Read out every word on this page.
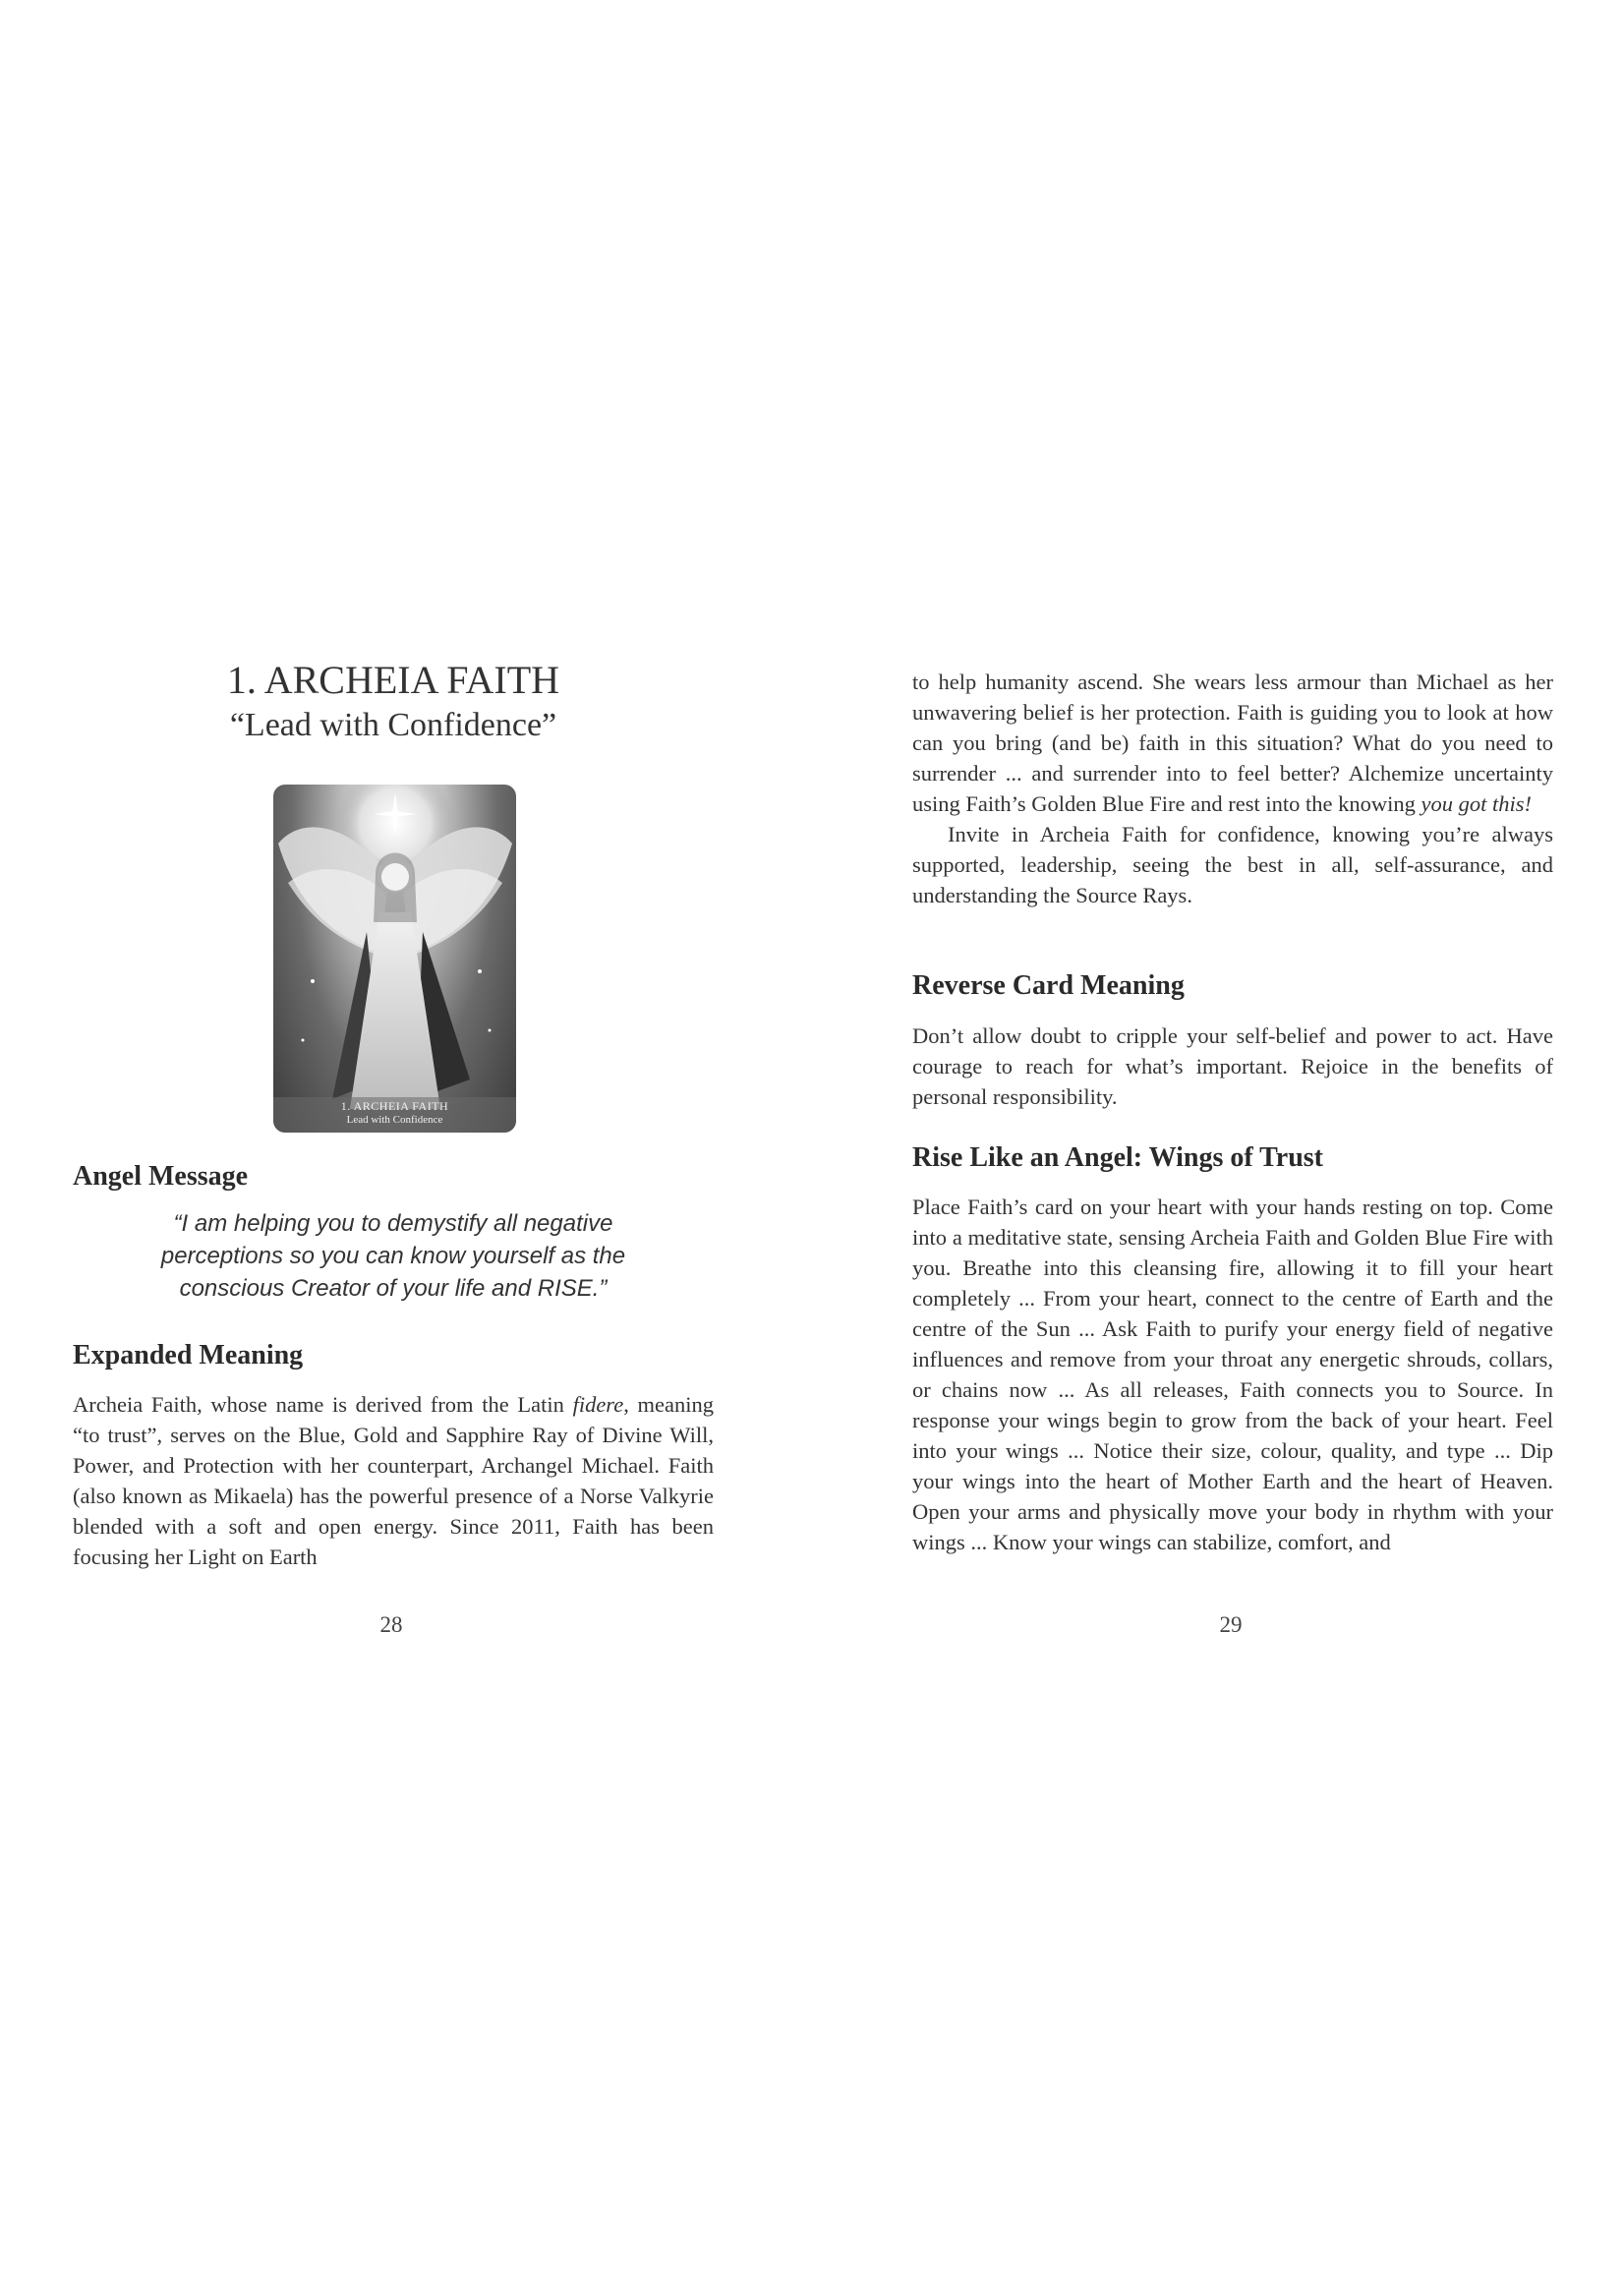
1. ARCHEIA FAITH
“Lead with Confidence”
1. ARCHEIA FAITH
Lead with Confidence
Angel Message

“I am helping you to demystify all negative perceptions so you can know yourself as the conscious Creator of your life and RISE.”

Expanded Meaning

Archeia Faith, whose name is derived from the Latin fidere, meaning “to trust”, serves on the Blue, Gold and Sapphire Ray of Divine Will, Power, and Protection with her counterpart, Archangel Michael. Faith (also known as Mikaela) has the powerful presence of a Norse Valkyrie blended with a soft and open energy. Since 2011, Faith has been focusing her Light on Earth

28

to help humanity ascend. She wears less armour than Michael as her unwavering belief is her protection. Faith is guiding you to look at how can you bring (and be) faith in this situation? What do you need to surrender ... and surrender into to feel better? Alchemize uncertainty using Faith’s Golden Blue Fire and rest into the knowing you got this!

Invite in Archeia Faith for confidence, knowing you’re always supported, leadership, seeing the best in all, self-assurance, and understanding the Source Rays.

Reverse Card Meaning

Don’t allow doubt to cripple your self-belief and power to act. Have courage to reach for what’s important. Rejoice in the benefits of personal responsibility.

Rise Like an Angel: Wings of Trust

Place Faith’s card on your heart with your hands resting on top. Come into a meditative state, sensing Archeia Faith and Golden Blue Fire with you. Breathe into this cleansing fire, allowing it to fill your heart completely ... From your heart, connect to the centre of Earth and the centre of the Sun ... Ask Faith to purify your energy field of negative influences and remove from your throat any energetic shrouds, collars, or chains now ... As all releases, Faith connects you to Source. In response your wings begin to grow from the back of your heart. Feel into your wings ... Notice their size, colour, quality, and type ... Dip your wings into the heart of Mother Earth and the heart of Heaven. Open your arms and physically move your body in rhythm with your wings ... Know your wings can stabilize, comfort, and

29
